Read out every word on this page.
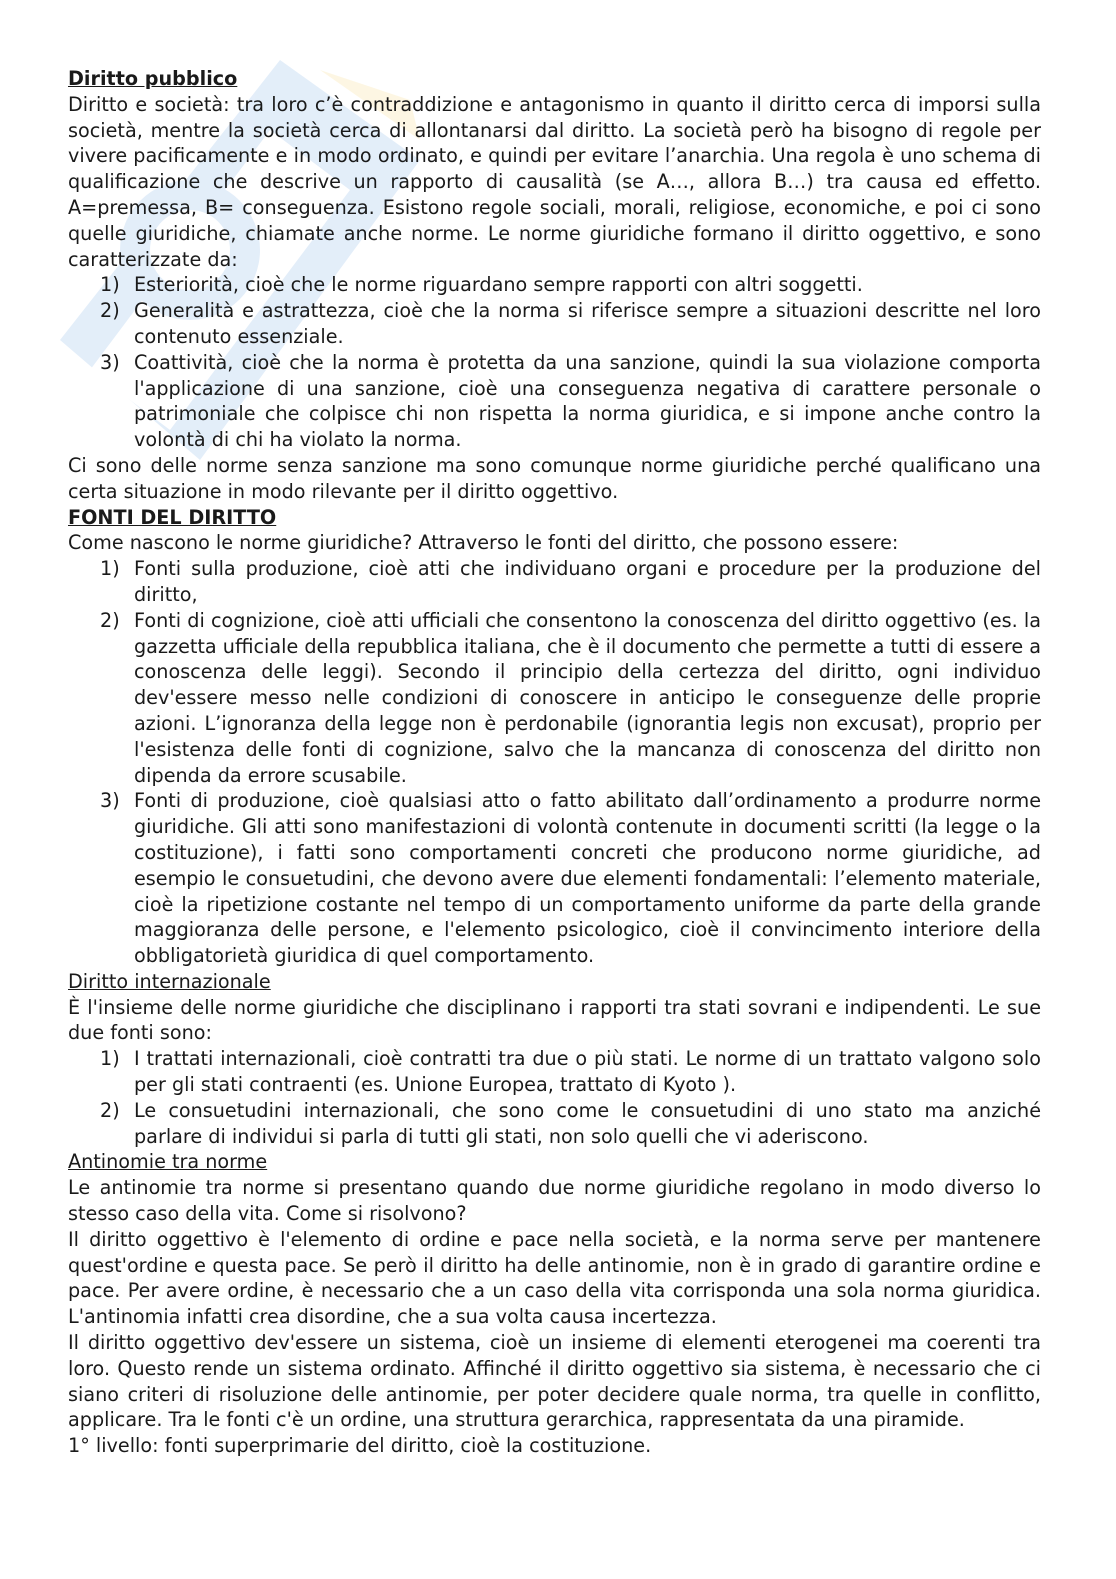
Diritto pubblico

Diritto e società: tra loro c’è contraddizione e antagonismo in quanto il diritto cerca di imporsi sulla società, mentre la società cerca di allontanarsi dal diritto. La società però ha bisogno di regole per vivere pacificamente e in modo ordinato, e quindi per evitare l’anarchia. Una regola è uno schema di qualificazione che descrive un rapporto di causalità (se A…, allora B…) tra causa ed effetto. A=premessa, B= conseguenza. Esistono regole sociali, morali, religiose, economiche, e poi ci sono quelle giuridiche, chiamate anche norme. Le norme giuridiche formano il diritto oggettivo, e sono caratterizzate da:

1) Esteriorità, cioè che le norme riguardano sempre rapporti con altri soggetti.
2) Generalità e astrattezza, cioè che la norma si riferisce sempre a situazioni descritte nel loro contenuto essenziale.
3) Coattività, cioè che la norma è protetta da una sanzione, quindi la sua violazione comporta l'applicazione di una sanzione, cioè una conseguenza negativa di carattere personale o patrimoniale che colpisce chi non rispetta la norma giuridica, e si impone anche contro la volontà di chi ha violato la norma.

Ci sono delle norme senza sanzione ma sono comunque norme giuridiche perché qualificano una certa situazione in modo rilevante per il diritto oggettivo.

FONTI DEL DIRITTO

Come nascono le norme giuridiche? Attraverso le fonti del diritto, che possono essere:

1) Fonti sulla produzione, cioè atti che individuano organi e procedure per la produzione del diritto,
2) Fonti di cognizione, cioè atti ufficiali che consentono la conoscenza del diritto oggettivo (es. la gazzetta ufficiale della repubblica italiana, che è il documento che permette a tutti di essere a conoscenza delle leggi). Secondo il principio della certezza del diritto, ogni individuo dev'essere messo nelle condizioni di conoscere in anticipo le conseguenze delle proprie azioni. L’ignoranza della legge non è perdonabile (ignorantia legis non excusat), proprio per l'esistenza delle fonti di cognizione, salvo che la mancanza di conoscenza del diritto non dipenda da errore scusabile.
3) Fonti di produzione, cioè qualsiasi atto o fatto abilitato dall’ordinamento a produrre norme giuridiche. Gli atti sono manifestazioni di volontà contenute in documenti scritti (la legge o la costituzione), i fatti sono comportamenti concreti che producono norme giuridiche, ad esempio le consuetudini, che devono avere due elementi fondamentali: l’elemento materiale, cioè la ripetizione costante nel tempo di un comportamento uniforme da parte della grande maggioranza delle persone, e l'elemento psicologico, cioè il convincimento interiore della obbligatorietà giuridica di quel comportamento.

Diritto internazionale

È l'insieme delle norme giuridiche che disciplinano i rapporti tra stati sovrani e indipendenti. Le sue due fonti sono:

1) I trattati internazionali, cioè contratti tra due o più stati. Le norme di un trattato valgono solo per gli stati contraenti (es. Unione Europea, trattato di Kyoto ).
2) Le consuetudini internazionali, che sono come le consuetudini di uno stato ma anziché parlare di individui si parla di tutti gli stati, non solo quelli che vi aderiscono.

Antinomie tra norme

Le antinomie tra norme si presentano quando due norme giuridiche regolano in modo diverso lo stesso caso della vita. Come si risolvono?

Il diritto oggettivo è l'elemento di ordine e pace nella società, e la norma serve per mantenere quest'ordine e questa pace. Se però il diritto ha delle antinomie, non è in grado di garantire ordine e pace. Per avere ordine, è necessario che a un caso della vita corrisponda una sola norma giuridica. L'antinomia infatti crea disordine, che a sua volta causa incertezza.

Il diritto oggettivo dev'essere un sistema, cioè un insieme di elementi eterogenei ma coerenti tra loro. Questo rende un sistema ordinato. Affinché il diritto oggettivo sia sistema, è necessario che ci siano criteri di risoluzione delle antinomie, per poter decidere quale norma, tra quelle in conflitto, applicare. Tra le fonti c'è un ordine, una struttura gerarchica, rappresentata da una piramide.

1° livello: fonti superprimarie del diritto, cioè la costituzione.
